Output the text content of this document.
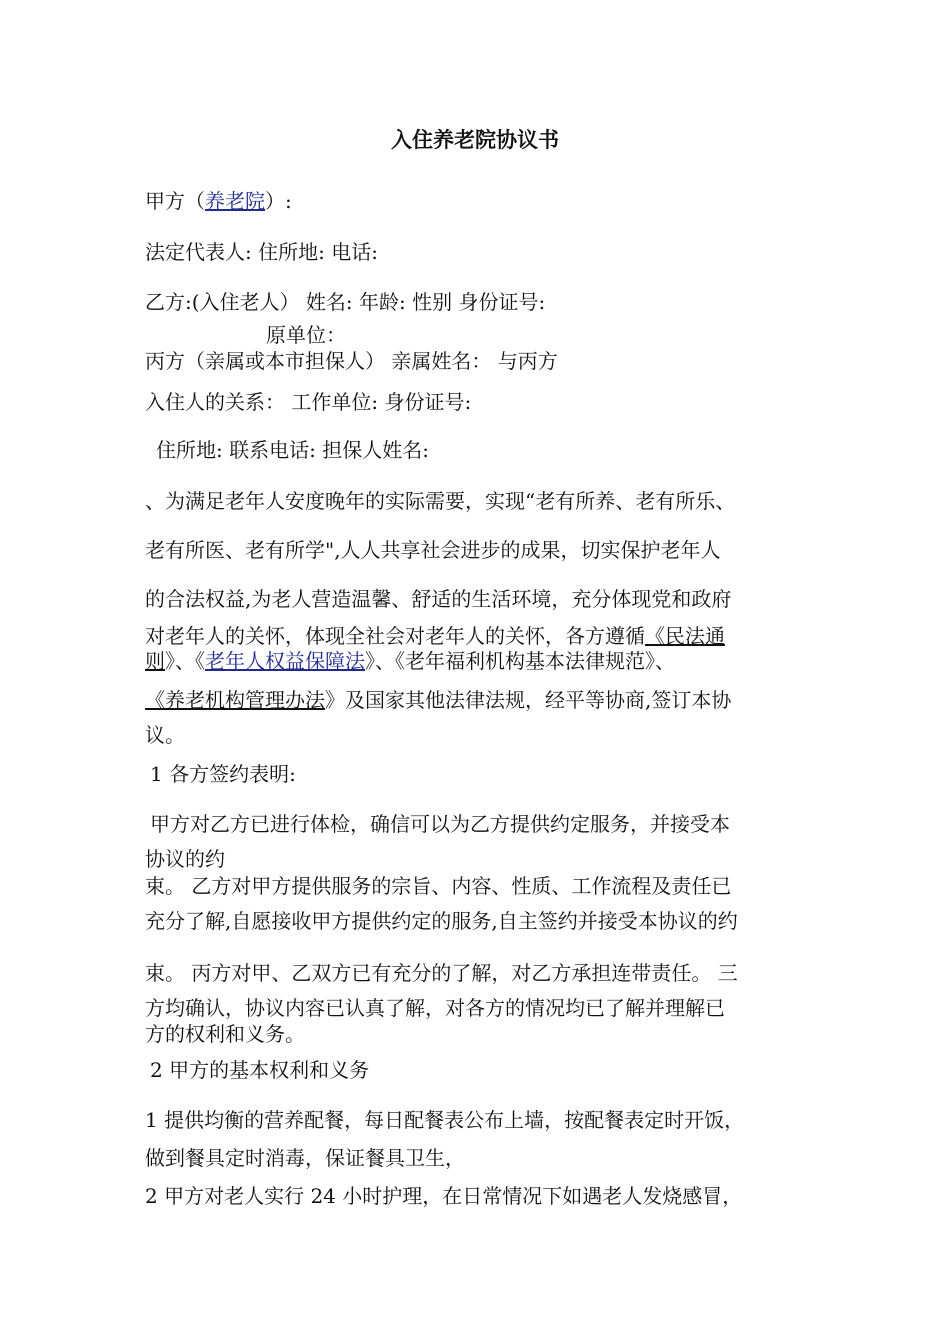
入住养老院协议书
甲方（养老院）:
法定代表人: 住所地: 电话:
乙方:(入住老人） 姓名: 年龄: 性别 身份证号:
原单位：
丙方（亲属或本市担保人） 亲属姓名： 与丙方
入住人的关系： 工作单位: 身份证号:
住所地: 联系电话: 担保人姓名:
、为满足老年人安度晚年的实际需要，实现“老有所养、老有所乐、
老有所医、老有所学",人人共享社会进步的成果，切实保护老年人
的合法权益,为老人营造温馨、舒适的生活环境，充分体现党和政府
对老年人的关怀，体现全社会对老年人的关怀，各方遵循《民法通
则》、《老年人权益保障法》、《老年福利机构基本法律规范》、
《养老机构管理办法》及国家其他法律法规，经平等协商,签订本协
议。
1 各方签约表明:
甲方对乙方已进行体检，确信可以为乙方提供约定服务，并接受本
协议的约
束。 乙方对甲方提供服务的宗旨、内容、性质、工作流程及责任已
充分了解,自愿接收甲方提供约定的服务,自主签约并接受本协议的约
束。 丙方对甲、乙双方已有充分的了解，对乙方承担连带责任。 三
方均确认，协议内容已认真了解，对各方的情况均已了解并理解已
方的权利和义务。
2 甲方的基本权利和义务
1 提供均衡的营养配餐，每日配餐表公布上墙，按配餐表定时开饭，
做到餐具定时消毒，保证餐具卫生，
2 甲方对老人实行 24 小时护理，在日常情况下如遇老人发烧感冒，
